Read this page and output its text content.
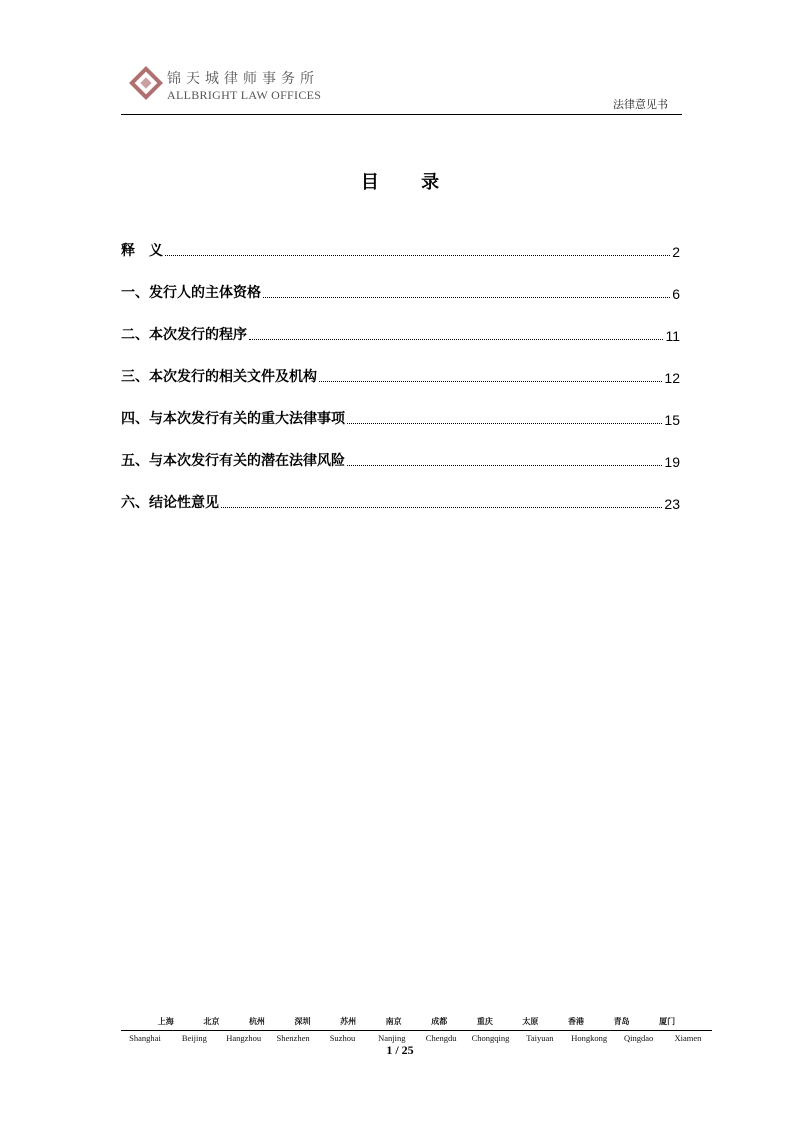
锦天城律师事务所
ALLBRIGHT LAW OFFICES
法律意见书
目 录
释　义	2
一、发行人的主体资格	6
二、本次发行的程序	11
三、本次发行的相关文件及机构	12
四、与本次发行有关的重大法律事项	15
五、与本次发行有关的潜在法律风险	19
六、结论性意见	23
上海	北京	杭州	深圳	苏州	南京	成都	重庆	太原	香港	青岛	厦门
Shanghai	Beijing	Hangzhou	Shenzhen	Suzhou	Nanjing	Chengdu	Chongqing	Taiyuan	Hongkong	Qingdao	Xiamen
1 / 25
